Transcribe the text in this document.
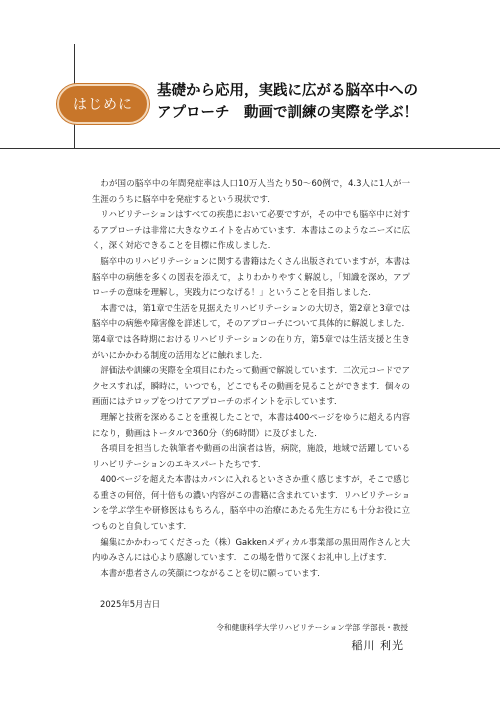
はじめに
基礎から応用，実践に広がる脳卒中への
アプローチ　動画で訓練の実際を学ぶ！

わが国の脳卒中の年間発症率は人口10万人当たり50〜60例で，4.3人に1人が一生涯のうちに脳卒中を発症するという現状です．

リハビリテーションはすべての疾患において必要ですが，その中でも脳卒中に対するアプローチは非常に大きなウエイトを占めています．本書はこのようなニーズに広く，深く対応できることを目標に作成しました．

脳卒中のリハビリテーションに関する書籍はたくさん出版されていますが，本書は脳卒中の病態を多くの図表を添えて，よりわかりやすく解説し，「知識を深め，アプローチの意味を理解し，実践力につなげる！」ということを目指しました．

本書では，第1章で生活を見据えたリハビリテーションの大切さ，第2章と3章では脳卒中の病態や障害像を詳述して，そのアプローチについて具体的に解説しました．第4章では各時期におけるリハビリテーションの在り方，第5章では生活支援と生きがいにかかわる制度の活用などに触れました．

評価法や訓練の実際を全項目にわたって動画で解説しています．二次元コードでアクセスすれば，瞬時に，いつでも，どこでもその動画を見ることができます．個々の画面にはテロップをつけてアプローチのポイントを示しています．

理解と技術を深めることを重視したことで，本書は400ページをゆうに超える内容になり，動画はトータルで360分（約6時間）に及びました．

各項目を担当した執筆者や動画の出演者は皆，病院，施設，地域で活躍しているリハビリテーションのエキスパートたちです．

400ページを超えた本書はカバンに入れるといささか重く感じますが，そこで感じる重さの何倍，何十倍もの濃い内容がこの書籍に含まれています．リハビリテーションを学ぶ学生や研修医はもちろん，脳卒中の治療にあたる先生方にも十分お役に立つものと自負しています．

編集にかかわってくださった（株）Gakkenメディカル事業部の黒田周作さんと大内ゆみさんには心より感謝しています．この場を借りて深くお礼申し上げます．

本書が患者さんの笑顔につながることを切に願っています．

2025年5月吉日
令和健康科学大学リハビリテーション学部 学部長・教授
稲川 利光
